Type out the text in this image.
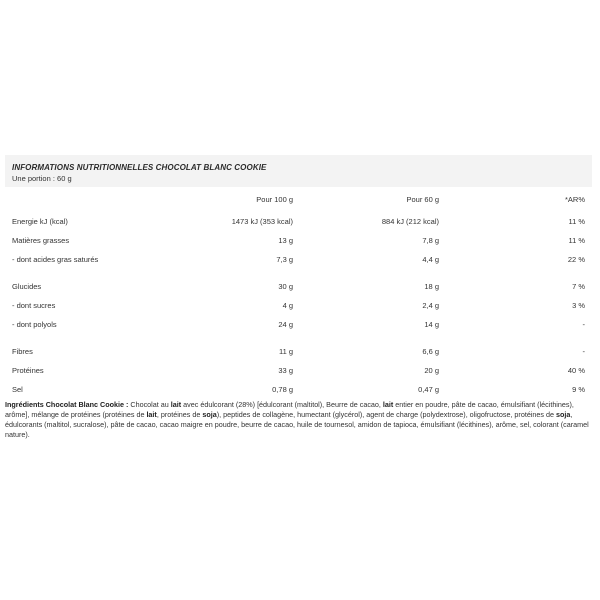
INFORMATIONS NUTRITIONNELLES CHOCOLAT BLANC COOKIE
Une portion : 60 g
	Pour 100 g	Pour 60 g	*AR%
Energie kJ (kcal)	1473 kJ (353 kcal)	884 kJ (212 kcal)	11 %
Matières grasses	13 g	7,8 g	11 %
- dont acides gras saturés	7,3 g	4,4 g	22 %

Glucides	30 g	18 g	7 %
- dont sucres	4 g	2,4 g	3 %
- dont polyols	24 g	14 g	-

Fibres	11 g	6,6 g	-
Protéines	33 g	20 g	40 %
Sel	0,78 g	0,47 g	9 %
Ingrédients Chocolat Blanc Cookie : Chocolat au lait avec édulcorant (28%) [édulcorant (maltitol), Beurre de cacao, lait entier en poudre, pâte de cacao, émulsifiant (lécithines), arôme], mélange de protéines (protéines de lait, protéines de soja), peptides de collagène, humectant (glycérol), agent de charge (polydextrose), oligofructose, protéines de soja, édulcorants (maltitol, sucralose), pâte de cacao, cacao maigre en poudre, beurre de cacao, huile de tournesol, amidon de tapioca, émulsifiant (lécithines), arôme, sel, colorant (caramel nature).
